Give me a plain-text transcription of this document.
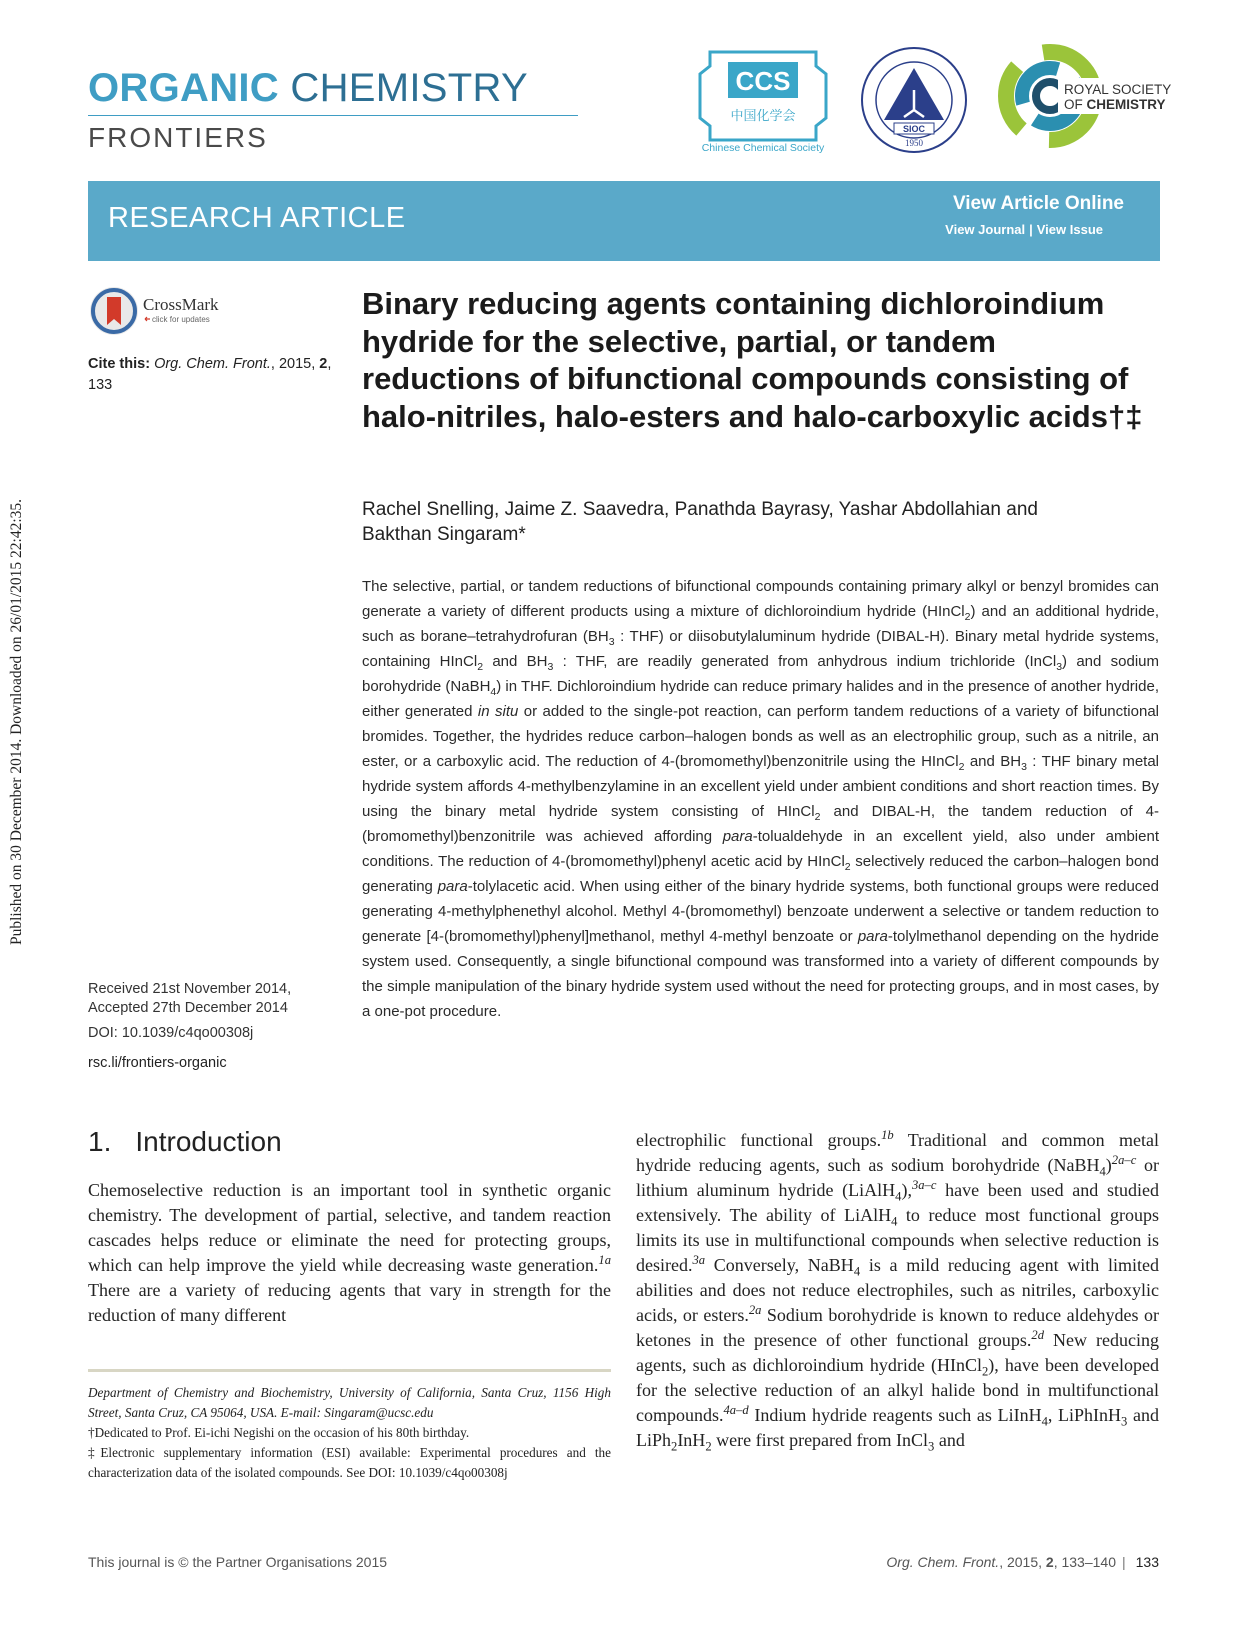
Published on 30 December 2014. Downloaded on 26/01/2015 22:42:35.
ORGANIC CHEMISTRY
FRONTIERS
CCS
中国化学会
Chinese Chemical Society
SIOC
1950
ROYAL SOCIETY
OF CHEMISTRY
RESEARCH ARTICLE	View Article Online
View Journal | View Issue
CrossMark
click for updates
Cite this: Org. Chem. Front., 2015, 2,
133
Received 21st November 2014,
Accepted 27th December 2014
DOI: 10.1039/c4qo00308j
rsc.li/frontiers-organic
Binary reducing agents containing dichloroindium hydride for the selective, partial, or tandem reductions of bifunctional compounds consisting of halo-nitriles, halo-esters and halo-carboxylic acids†‡
Rachel Snelling, Jaime Z. Saavedra, Panathda Bayrasy, Yashar Abdollahian and
Bakthan Singaram*
The selective, partial, or tandem reductions of bifunctional compounds containing primary alkyl or benzyl bromides can generate a variety of different products using a mixture of dichloroindium hydride (HInCl$_2$) and an additional hydride, such as borane–tetrahydrofuran ($BH_3$ : THF) or diisobutylaluminum hydride (DIBAL-H). Binary metal hydride systems, containing HInCl$_2$ and $BH_3$ : THF, are readily generated from anhydrous indium trichloride (InCl$_3$) and sodium borohydride (NaBH$_4$) in THF. Dichloroindium hydride can reduce primary halides and in the presence of another hydride, either generated in situ or added to the single-pot reaction, can perform tandem reductions of a variety of bifunctional bromides. Together, the hydrides reduce carbon–halogen bonds as well as an electrophilic group, such as a nitrile, an ester, or a carboxylic acid. The reduction of 4-(bromomethyl)benzonitrile using the HInCl$_2$ and $BH_3$ : THF binary metal hydride system affords 4-methylbenzylamine in an excellent yield under ambient conditions and short reaction times. By using the binary metal hydride system consisting of HInCl$_2$ and DIBAL-H, the tandem reduction of 4-(bromomethyl)benzonitrile was achieved affording para-tolualdehyde in an excellent yield, also under ambient conditions. The reduction of 4-(bromomethyl)phenyl acetic acid by HInCl$_2$ selectively reduced the carbon–halogen bond generating para-tolylacetic acid. When using either of the binary hydride systems, both functional groups were reduced generating 4-methylphenethyl alcohol. Methyl 4-(bromomethyl) benzoate underwent a selective or tandem reduction to generate [4-(bromomethyl)phenyl]methanol, methyl 4-methyl benzoate or para-tolylmethanol depending on the hydride system used. Consequently, a single bifunctional compound was transformed into a variety of different compounds by the simple manipulation of the binary hydride system used without the need for protecting groups, and in most cases, by a one-pot procedure.
1. Introduction
Chemoselective reduction is an important tool in synthetic organic chemistry. The development of partial, selective, and tandem reaction cascades helps reduce or eliminate the need for protecting groups, which can help improve the yield while decreasing waste generation.$^{1a}$ There are a variety of reducing agents that vary in strength for the reduction of many different
Department of Chemistry and Biochemistry, University of California, Santa Cruz, 1156 High Street, Santa Cruz, CA 95064, USA. E-mail: Singaram@ucsc.edu
†Dedicated to Prof. Ei-ichi Negishi on the occasion of his 80th birthday.
‡Electronic supplementary information (ESI) available: Experimental procedures and the characterization data of the isolated compounds. See DOI: 10.1039/c4qo00308j
electrophilic functional groups.$^{1b}$ Traditional and common metal hydride reducing agents, such as sodium borohydride (NaBH$_4$)$^{2a-c}$ or lithium aluminum hydride (LiAlH$_4$),$^{3a-c}$ have been used and studied extensively. The ability of LiAlH$_4$ to reduce most functional groups limits its use in multifunctional compounds when selective reduction is desired.$^{3a}$ Conversely, NaBH$_4$ is a mild reducing agent with limited abilities and does not reduce electrophiles, such as nitriles, carboxylic acids, or esters.$^{2a}$ Sodium borohydride is known to reduce aldehydes or ketones in the presence of other functional groups.$^{2d}$ New reducing agents, such as dichloroindium hydride (HInCl$_2$), have been developed for the selective reduction of an alkyl halide bond in multifunctional compounds.$^{4a-d}$ Indium hydride reagents such as LiInH$_4$, LiPhInH$_3$ and LiPh$_2$InH$_2$ were first prepared from InCl$_3$ and
This journal is © the Partner Organisations 2015	Org. Chem. Front., 2015, 2, 133–140 | 133
